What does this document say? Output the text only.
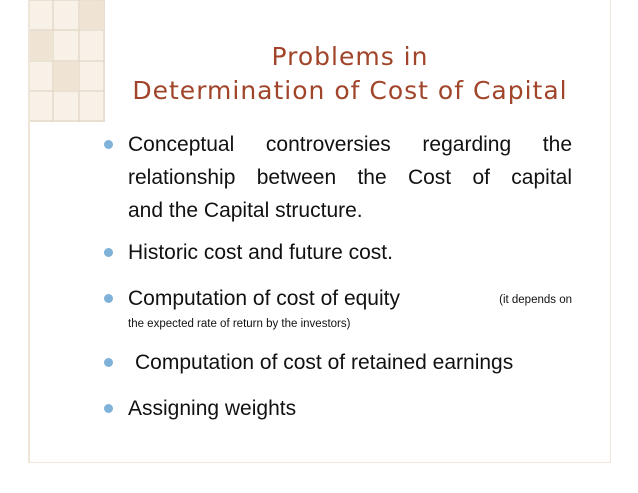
Problems in
Determination of Cost of Capital
Conceptual controversies regarding the
relationship between the Cost of capital
and the Capital structure.
Historic cost and future cost.
Computation of cost of equity	(it depends on
the expected rate of return by the investors)
Computation of cost of retained earnings
Assigning weights
